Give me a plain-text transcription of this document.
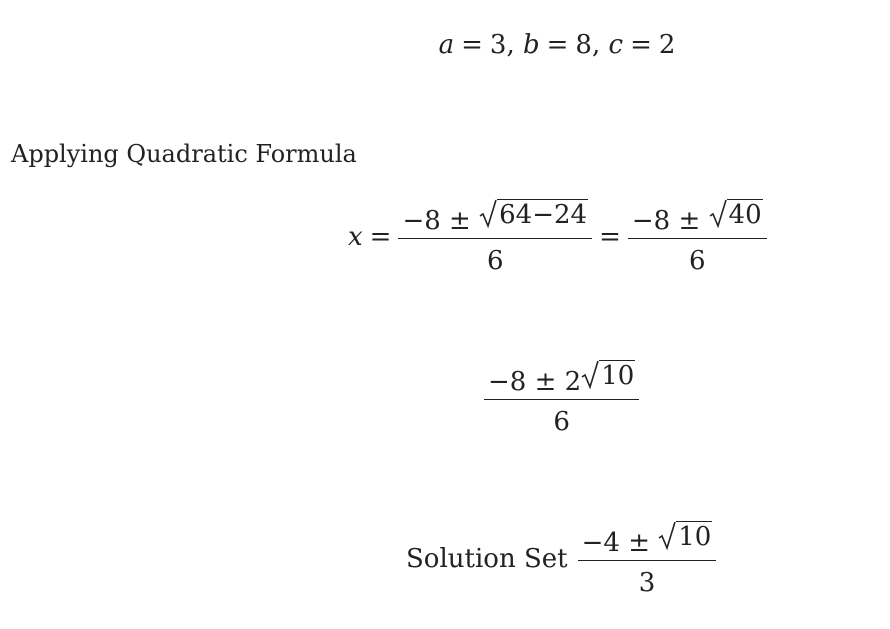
a = 3, b = 8, c = 2
Applying Quadratic Formula
$x = \frac{-8 \pm 64-24}{6} = \frac{-8 \pm 40}{6}$
$\frac{-8 \pm 2 10}{6}$
Solution Set $\frac{-4 \pm 10}{3}$
